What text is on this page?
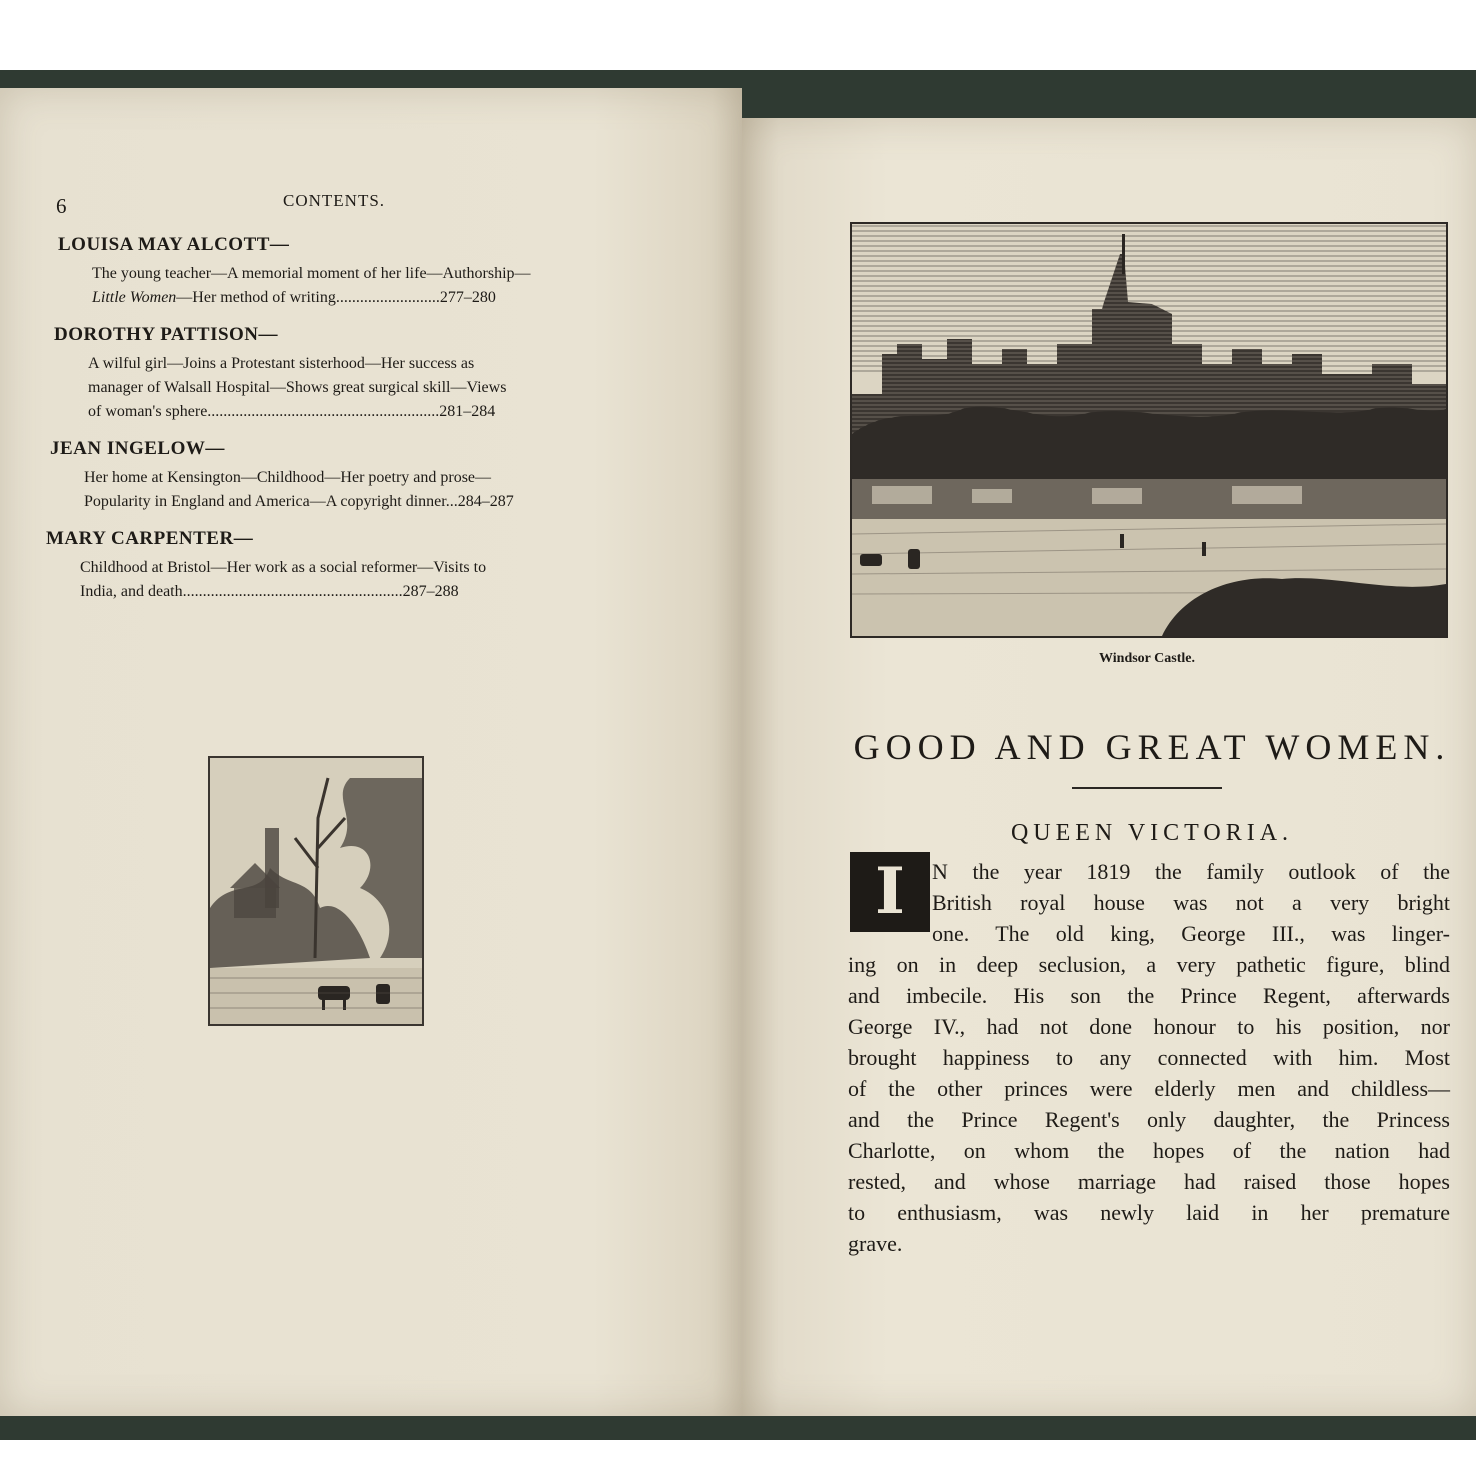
6	CONTENTS.
LOUISA MAY ALCOTT—
The young teacher—A memorial moment of her life—Authorship—
Little Women—Her method of writing..........................277–280
DOROTHY PATTISON—
A wilful girl—Joins a Protestant sisterhood—Her success as
manager of Walsall Hospital—Shows great surgical skill—Views
of woman's sphere..........................................................281–284
JEAN INGELOW—
Her home at Kensington—Childhood—Her poetry and prose—
Popularity in England and America—A copyright dinner...284–287
MARY CARPENTER—
Childhood at Bristol—Her work as a social reformer—Visits to
India, and death.......................................................287–288
Windsor Castle.
GOOD AND GREAT WOMEN.
QUEEN VICTORIA.
I	N the year 1819 the family outlook of the
British royal house was not a very bright
one. The old king, George III., was linger-
ing on in deep seclusion, a very pathetic figure, blind
and imbecile. His son the Prince Regent, afterwards
George IV., had not done honour to his position, nor
brought happiness to any connected with him. Most
of the other princes were elderly men and childless—
and the Prince Regent's only daughter, the Princess
Charlotte, on whom the hopes of the nation had
rested, and whose marriage had raised those hopes
to enthusiasm, was newly laid in her premature
grave.
